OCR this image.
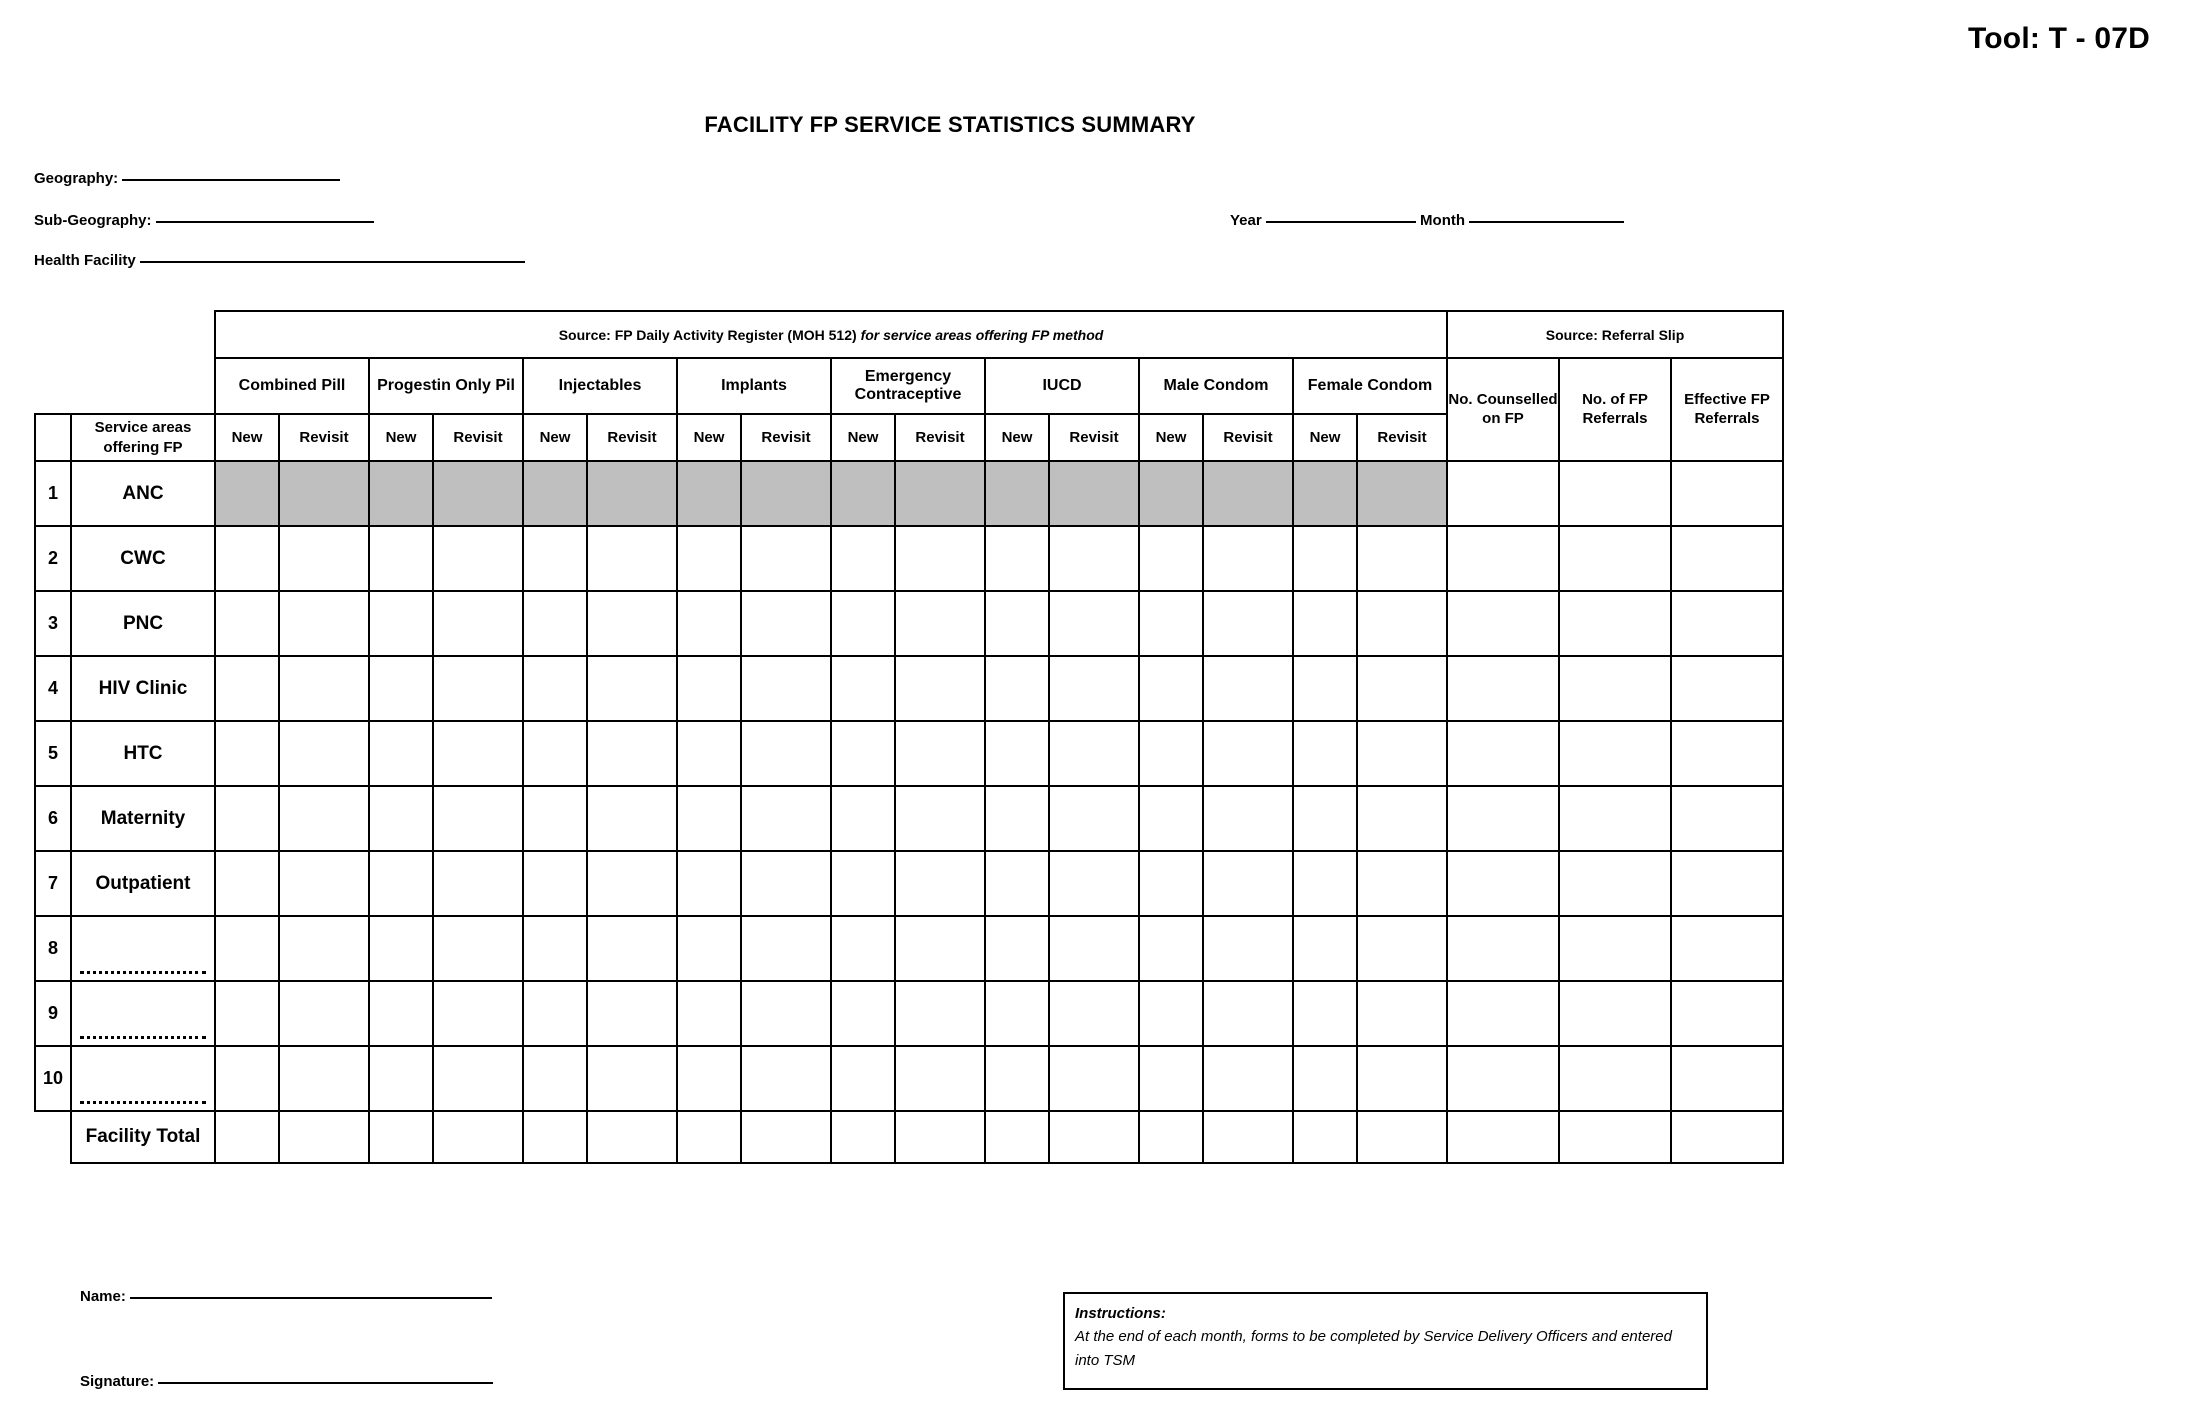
Tool: T - 07D
FACILITY FP SERVICE STATISTICS SUMMARY
Geography:
Sub-Geography:
Health Facility
Year	Month
		Source: FP Daily Activity Register (MOH 512) for service areas offering FP method																Source: Referral Slip		
		Combined Pill		Progestin Only Pil		Injectables		Implants		Emergency Contraceptive		IUCD		Male Condom		Female Condom		No. Counselled on FP	No. of FP Referrals	Effective FP Referrals
	Service areas offering FP	New	Revisit	New	Revisit	New	Revisit	New	Revisit	New	Revisit	New	Revisit	New	Revisit	New	Revisit			
1	ANC																			
2	CWC																			
3	PNC																			
4	HIV Clinic																			
5	HTC																			
6	Maternity																			
7	Outpatient																			
8	

9	

10	

	Facility Total																			
Name:
Signature:
Instructions:
At the end of each month, forms to be completed by Service Delivery Officers and entered into TSM
